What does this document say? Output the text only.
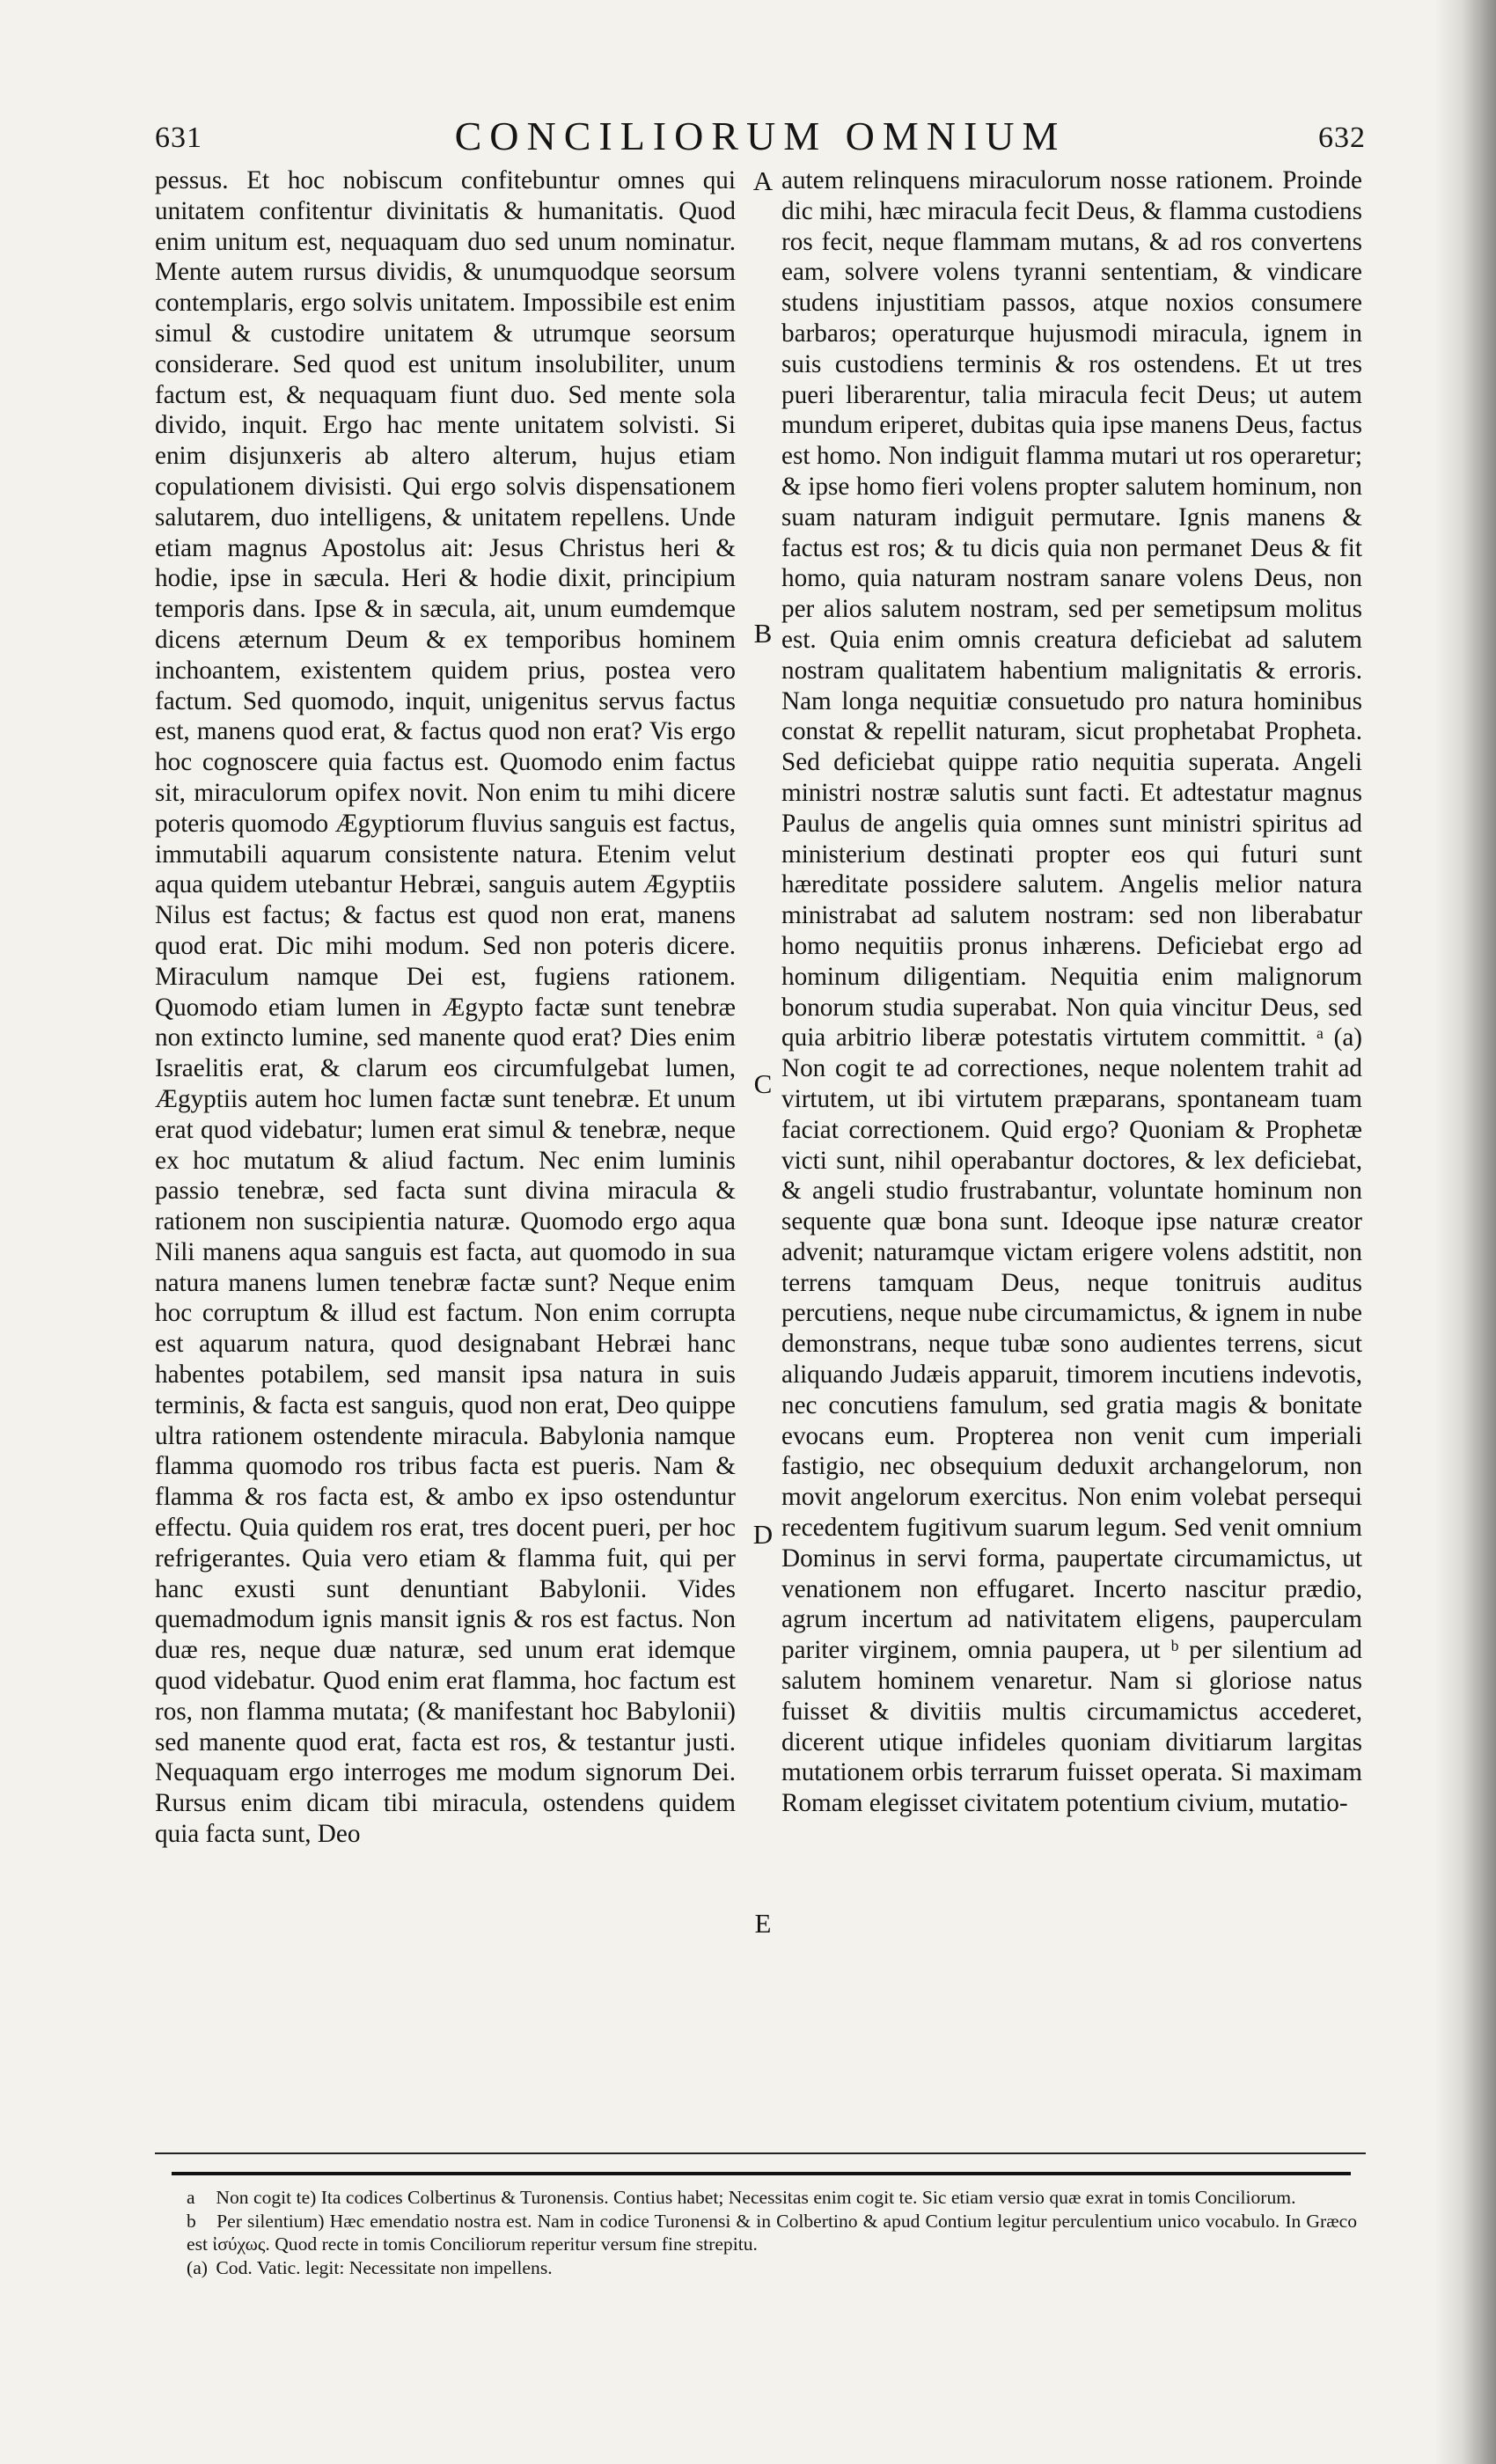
631	CONCILIORUM OMNIUM	632

pessus. Et hoc nobiscum confitebuntur omnes qui unitatem confitentur divinitatis & humanitatis. Quod enim unitum est, nequaquam duo sed unum nominatur. Mente autem rursus dividis, & unumquodque seorsum contemplaris, ergo solvis unitatem. Impossibile est enim simul & custodire unitatem & utrumque seorsum considerare. Sed quod est unitum insolubiliter, unum factum est, & nequaquam fiunt duo. Sed mente sola divido, inquit. Ergo hac mente unitatem solvisti. Si enim disjunxeris ab altero alterum, hujus etiam copulationem divisisti. Qui ergo solvis dispensationem salutarem, duo intelligens, & unitatem repellens. Unde etiam magnus Apostolus ait: Jesus Christus heri & hodie, ipse in sæcula. Heri & hodie dixit, principium temporis dans. Ipse & in sæcula, ait, unum eumdemque dicens æternum Deum & ex temporibus hominem inchoantem, existentem quidem prius, postea vero factum. Sed quomodo, inquit, unigenitus servus factus est, manens quod erat, & factus quod non erat? Vis ergo hoc cognoscere quia factus est. Quomodo enim factus sit, miraculorum opifex novit. Non enim tu mihi dicere poteris quomodo Ægyptiorum fluvius sanguis est factus, immutabili aquarum consistente natura. Etenim velut aqua quidem utebantur Hebræi, sanguis autem Ægyptiis Nilus est factus; & factus est quod non erat, manens quod erat. Dic mihi modum. Sed non poteris dicere. Miraculum namque Dei est, fugiens rationem. Quomodo etiam lumen in Ægypto factæ sunt tenebræ non extincto lumine, sed manente quod erat? Dies enim Israelitis erat, & clarum eos circumfulgebat lumen, Ægyptiis autem hoc lumen factæ sunt tenebræ. Et unum erat quod videbatur; lumen erat simul & tenebræ, neque ex hoc mutatum & aliud factum. Nec enim luminis passio tenebræ, sed facta sunt divina miracula & rationem non suscipientia naturæ. Quomodo ergo aqua Nili manens aqua sanguis est facta, aut quomodo in sua natura manens lumen tenebræ factæ sunt? Neque enim hoc corruptum & illud est factum. Non enim corrupta est aquarum natura, quod designabant Hebræi hanc habentes potabilem, sed mansit ipsa natura in suis terminis, & facta est sanguis, quod non erat, Deo quippe ultra rationem ostendente miracula. Babylonia namque flamma quomodo ros tribus facta est pueris. Nam & flamma & ros facta est, & ambo ex ipso ostenduntur effectu. Quia quidem ros erat, tres docent pueri, per hoc refrigerantes. Quia vero etiam & flamma fuit, qui per hanc exusti sunt denuntiant Babylonii. Vides quemadmodum ignis mansit ignis & ros est factus. Non duæ res, neque duæ naturæ, sed unum erat idemque quod videbatur. Quod enim erat flamma, hoc factum est ros, non flamma mutata; (& manifestant hoc Babylonii) sed manente quod erat, facta est ros, & testantur justi. Nequaquam ergo interroges me modum signorum Dei. Rursus enim dicam tibi miracula, ostendens quidem quia facta sunt, Deo

A
B
C
D
E

autem relinquens miraculorum nosse rationem. Proinde dic mihi, hæc miracula fecit Deus, & flamma custodiens ros fecit, neque flammam mutans, & ad ros convertens eam, solvere volens tyranni sententiam, & vindicare studens injustitiam passos, atque noxios consumere barbaros; operaturque hujusmodi miracula, ignem in suis custodiens terminis & ros ostendens. Et ut tres pueri liberarentur, talia miracula fecit Deus; ut autem mundum eriperet, dubitas quia ipse manens Deus, factus est homo. Non indiguit flamma mutari ut ros operaretur; & ipse homo fieri volens propter salutem hominum, non suam naturam indiguit permutare. Ignis manens & factus est ros; & tu dicis quia non permanet Deus & fit homo, quia naturam nostram sanare volens Deus, non per alios salutem nostram, sed per semetipsum molitus est. Quia enim omnis creatura deficiebat ad salutem nostram qualitatem habentium malignitatis & erroris. Nam longa nequitiæ consuetudo pro natura hominibus constat & repellit naturam, sicut prophetabat Propheta. Sed deficiebat quippe ratio nequitia superata. Angeli ministri nostræ salutis sunt facti. Et adtestatur magnus Paulus de angelis quia omnes sunt ministri spiritus ad ministerium destinati propter eos qui futuri sunt hæreditate possidere salutem. Angelis melior natura ministrabat ad salutem nostram: sed non liberabatur homo nequitiis pronus inhærens. Deficiebat ergo ad hominum diligentiam. Nequitia enim malignorum bonorum studia superabat. Non quia vincitur Deus, sed quia arbitrio liberæ potestatis virtutem committit. ᵃ (a) Non cogit te ad correctiones, neque nolentem trahit ad virtutem, ut ibi virtutem præparans, spontaneam tuam faciat correctionem. Quid ergo? Quoniam & Prophetæ victi sunt, nihil operabantur doctores, & lex deficiebat, & angeli studio frustrabantur, voluntate hominum non sequente quæ bona sunt. Ideoque ipse naturæ creator advenit; naturamque victam erigere volens adstitit, non terrens tamquam Deus, neque tonitruis auditus percutiens, neque nube circumamictus, & ignem in nube demonstrans, neque tubæ sono audientes terrens, sicut aliquando Judæis apparuit, timorem incutiens indevotis, nec concutiens famulum, sed gratia magis & bonitate evocans eum. Propterea non venit cum imperiali fastigio, nec obsequium deduxit archangelorum, non movit angelorum exercitus. Non enim volebat persequi recedentem fugitivum suarum legum. Sed venit omnium Dominus in servi forma, paupertate circumamictus, ut venationem non effugaret. Incerto nascitur prædio, agrum incertum ad nativitatem eligens, pauperculam pariter virginem, omnia paupera, ut ᵇ per silentium ad salutem hominem venaretur. Nam si gloriose natus fuisset & divitiis multis circumamictus accederet, dicerent utique infideles quoniam divitiarum largitas mutationem orbis terrarum fuisset operata. Si maximam Romam elegisset civitatem potentium civium, mutatio-

a Non cogit te) Ita codices Colbertinus & Turonensis. Contius habet; Necessitas enim cogit te. Sic etiam versio quæ exrat in tomis Conciliorum.

b Per silentium) Hæc emendatio nostra est. Nam in codice Turonensi & in Colbertino & apud Contium legitur perculentium unico vocabulo. In Græco est ἰσύχως. Quod recte in tomis Conciliorum reperitur versum fine strepitu.

(a) Cod. Vatic. legit: Necessitate non impellens.
